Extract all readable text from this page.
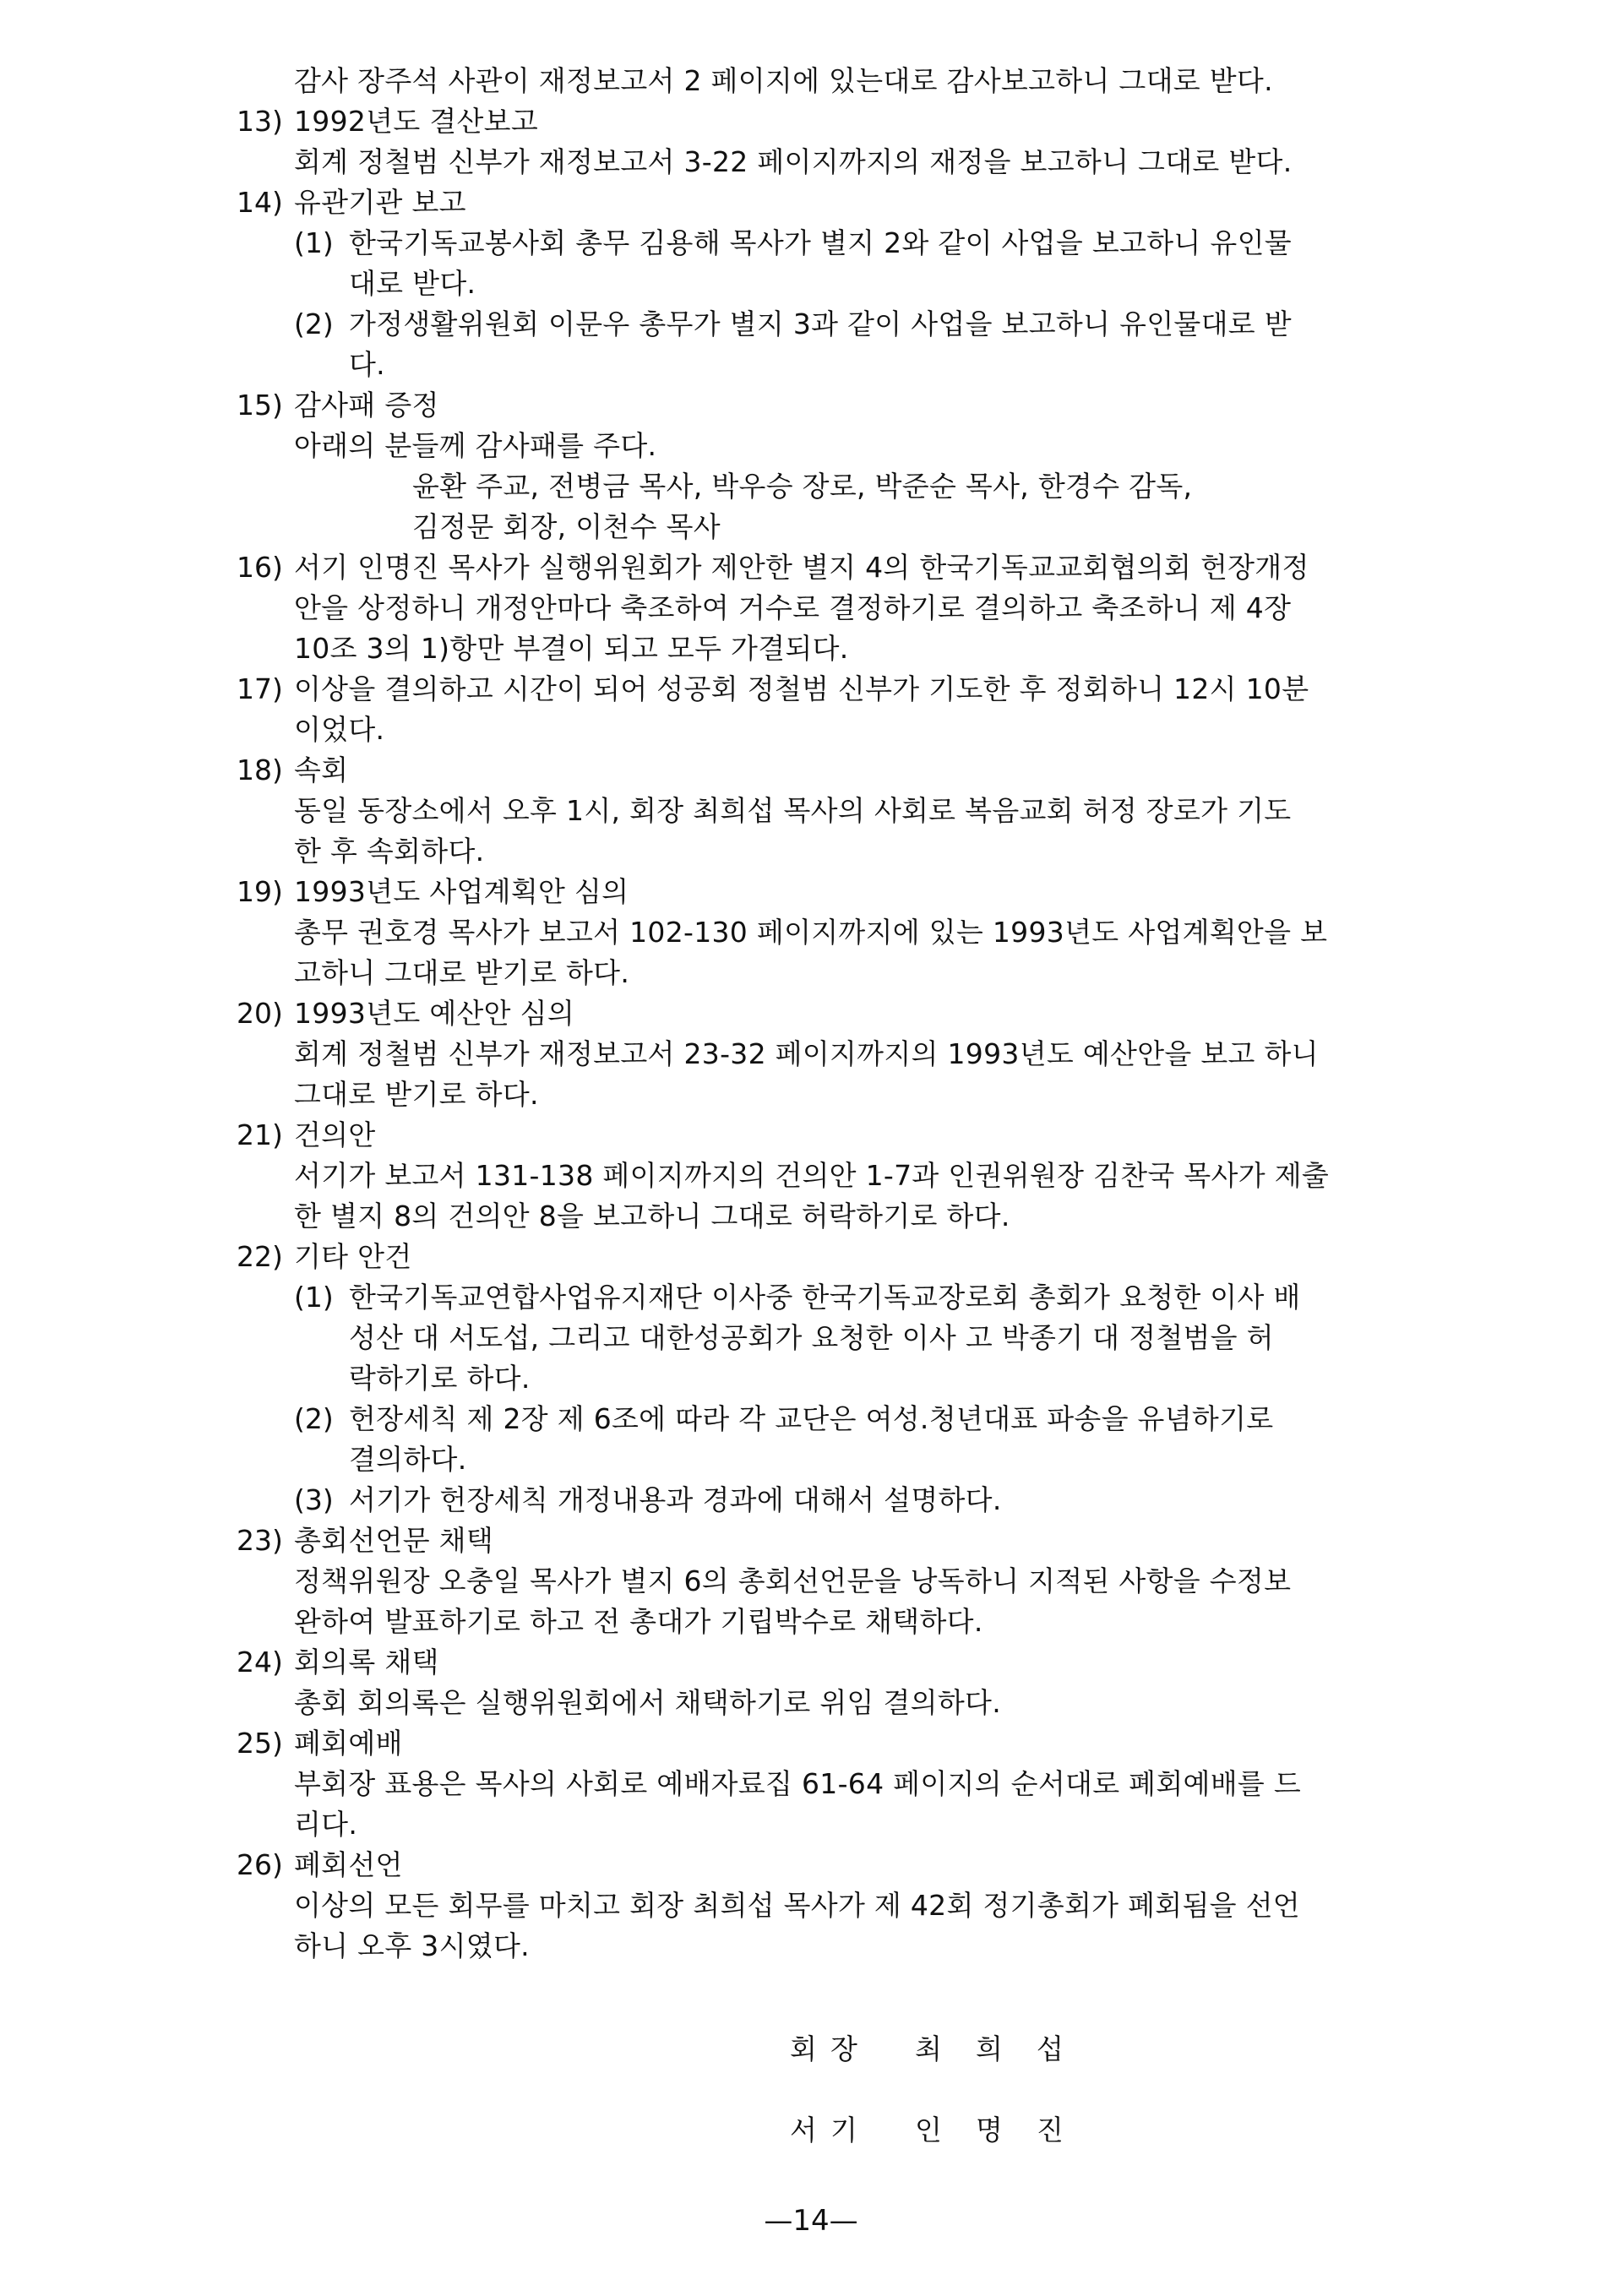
감사 장주석 사관이 재정보고서 2 페이지에 있는대로 감사보고하니 그대로 받다.
13) 1992년도 결산보고
회계 정철범 신부가 재정보고서 3-22 페이지까지의 재정을 보고하니 그대로 받다.
14) 유관기관 보고
(1) 한국기독교봉사회 총무 김용해 목사가 별지 2와 같이 사업을 보고하니 유인물
대로 받다.
(2) 가정생활위원회 이문우 총무가 별지 3과 같이 사업을 보고하니 유인물대로 받
다.
15) 감사패 증정
아래의 분들께 감사패를 주다.
윤환 주교, 전병금 목사, 박우승 장로, 박준순 목사, 한경수 감독,
김정문 회장, 이천수 목사
16) 서기 인명진 목사가 실행위원회가 제안한 별지 4의 한국기독교교회협의회 헌장개정
안을 상정하니 개정안마다 축조하여 거수로 결정하기로 결의하고 축조하니 제 4장
10조 3의 1)항만 부결이 되고 모두 가결되다.
17) 이상을 결의하고 시간이 되어 성공회 정철범 신부가 기도한 후 정회하니 12시 10분
이었다.
18) 속회
동일 동장소에서 오후 1시, 회장 최희섭 목사의 사회로 복음교회 허정 장로가 기도
한 후 속회하다.
19) 1993년도 사업계획안 심의
총무 권호경 목사가 보고서 102-130 페이지까지에 있는 1993년도 사업계획안을 보
고하니 그대로 받기로 하다.
20) 1993년도 예산안 심의
회계 정철범 신부가 재정보고서 23-32 페이지까지의 1993년도 예산안을 보고 하니
그대로 받기로 하다.
21) 건의안
서기가 보고서 131-138 페이지까지의 건의안 1-7과 인권위원장 김찬국 목사가 제출
한 별지 8의 건의안 8을 보고하니 그대로 허락하기로 하다.
22) 기타 안건
(1) 한국기독교연합사업유지재단 이사중 한국기독교장로회 총회가 요청한 이사 배
성산 대 서도섭, 그리고 대한성공회가 요청한 이사 고 박종기 대 정철범을 허
락하기로 하다.
(2) 헌장세칙 제 2장 제 6조에 따라 각 교단은 여성.청년대표 파송을 유념하기로
결의하다.
(3) 서기가 헌장세칙 개정내용과 경과에 대해서 설명하다.
23) 총회선언문 채택
정책위원장 오충일 목사가 별지 6의 총회선언문을 낭독하니 지적된 사항을 수정보
완하여 발표하기로 하고 전 총대가 기립박수로 채택하다.
24) 회의록 채택
총회 회의록은 실행위원회에서 채택하기로 위임 결의하다.
25) 폐회예배
부회장 표용은 목사의 사회로 예배자료집 61-64 페이지의 순서대로 폐회예배를 드
리다.
26) 폐회선언
이상의 모든 회무를 마치고 회장 최희섭 목사가 제 42회 정기총회가 폐회됨을 선언
하니 오후 3시였다.
회 장 최 희 섭
서 기 인 명 진
—14—
